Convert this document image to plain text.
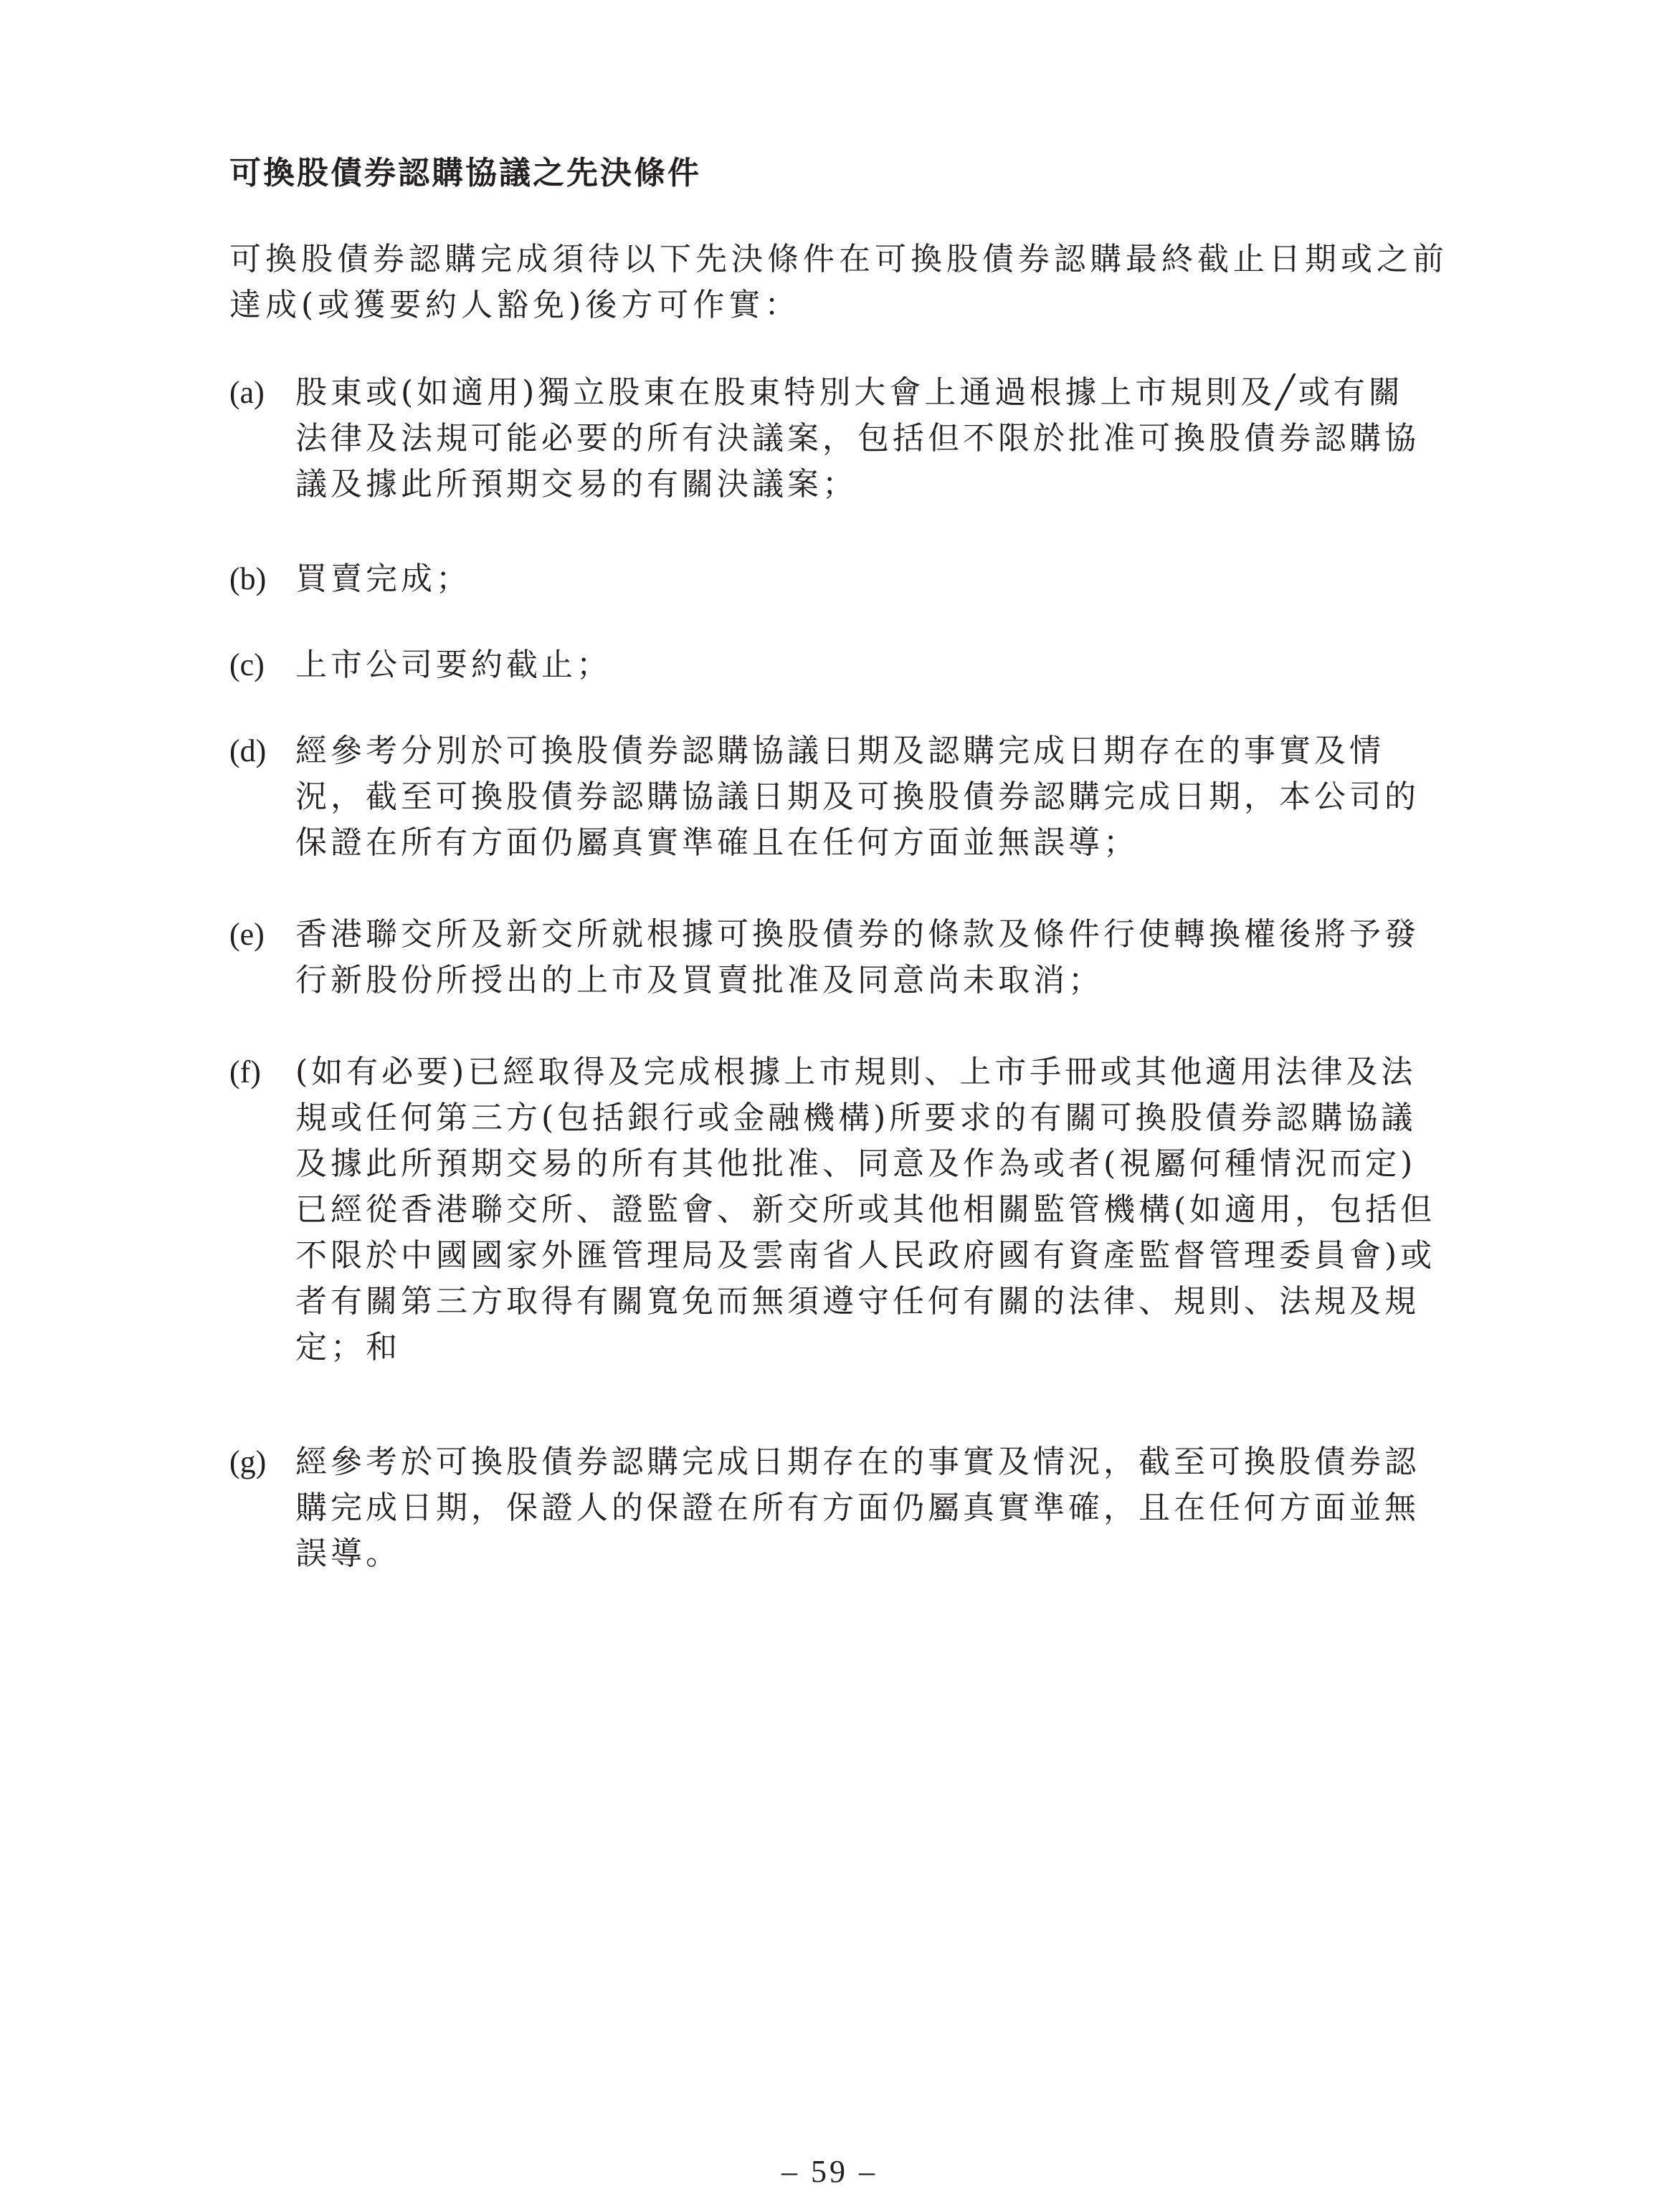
可換股債券認購協議之先決條件

可換股債券認購完成須待以下先決條件在可換股債券認購最終截止日期或之前
達成(或獲要約人豁免)後方可作實：

(a) 股東或(如適用)獨立股東在股東特別大會上通過根據上市規則及╱或有關
法律及法規可能必要的所有決議案，包括但不限於批准可換股債券認購協
議及據此所預期交易的有關決議案；
(b) 買賣完成；
(c) 上市公司要約截止；
(d) 經參考分別於可換股債券認購協議日期及認購完成日期存在的事實及情
況，截至可換股債券認購協議日期及可換股債券認購完成日期，本公司的
保證在所有方面仍屬真實準確且在任何方面並無誤導；
(e) 香港聯交所及新交所就根據可換股債券的條款及條件行使轉換權後將予發
行新股份所授出的上市及買賣批准及同意尚未取消；
(f) (如有必要)已經取得及完成根據上市規則、上市手冊或其他適用法律及法
規或任何第三方(包括銀行或金融機構)所要求的有關可換股債券認購協議
及據此所預期交易的所有其他批准、同意及作為或者(視屬何種情況而定)
已經從香港聯交所、證監會、新交所或其他相關監管機構(如適用，包括但
不限於中國國家外匯管理局及雲南省人民政府國有資產監督管理委員會)或
者有關第三方取得有關寬免而無須遵守任何有關的法律、規則、法規及規
定；和
(g) 經參考於可換股債券認購完成日期存在的事實及情況，截至可換股債券認
購完成日期，保證人的保證在所有方面仍屬真實準確，且在任何方面並無
誤導。
– 59 –
